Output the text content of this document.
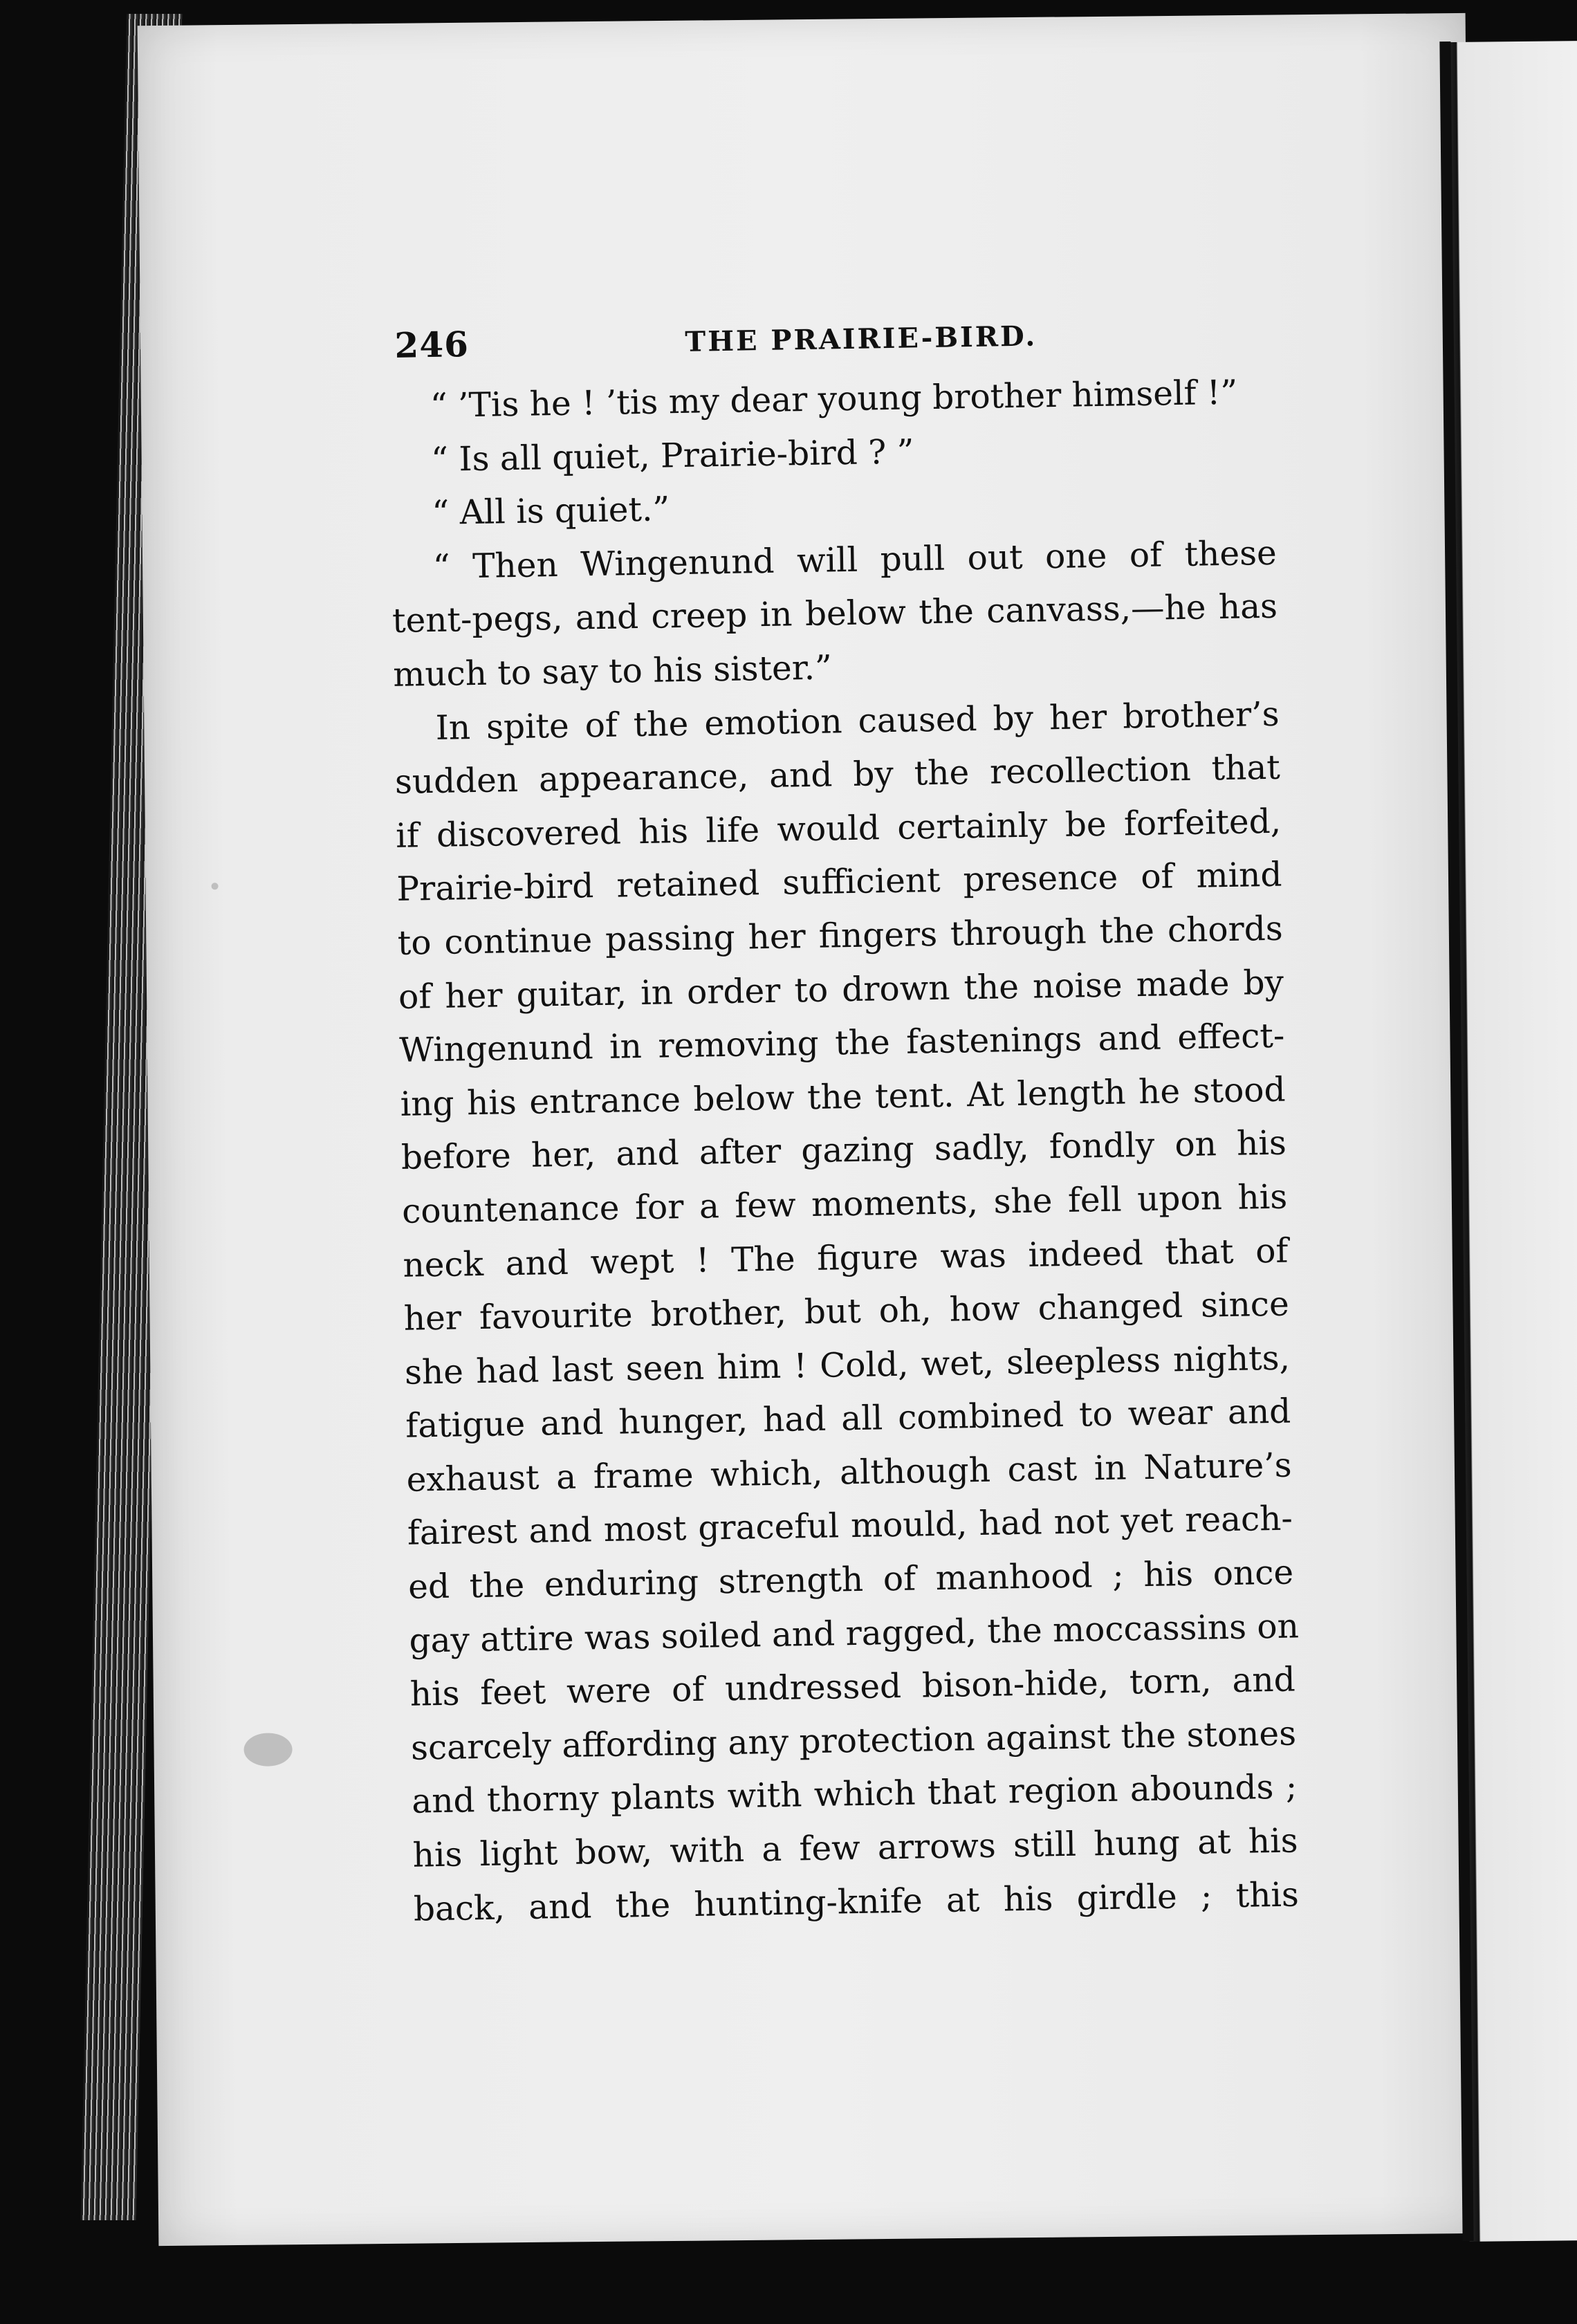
246	THE PRAIRIE-BIRD.
“ ’Tis he ! ’tis my dear young brother himself !”
“ Is all quiet, Prairie-bird ? ”
“ All is quiet.”
“ Then Wingenund will pull out one of these
tent-pegs, and creep in below the canvass,—he has
much to say to his sister.”
In spite of the emotion caused by her brother’s
sudden appearance, and by the recollection that
if discovered his life would certainly be forfeited,
Prairie-bird retained sufficient presence of mind
to continue passing her fingers through the chords
of her guitar, in order to drown the noise made by
Wingenund in removing the fastenings and effect-
ing his entrance below the tent. At length he stood
before her, and after gazing sadly, fondly on his
countenance for a few moments, she fell upon his
neck and wept ! The figure was indeed that of
her favourite brother, but oh, how changed since
she had last seen him ! Cold, wet, sleepless nights,
fatigue and hunger, had all combined to wear and
exhaust a frame which, although cast in Nature’s
fairest and most graceful mould, had not yet reach-
ed the enduring strength of manhood ; his once
gay attire was soiled and ragged, the moccassins on
his feet were of undressed bison-hide, torn, and
scarcely affording any protection against the stones
and thorny plants with which that region abounds ;
his light bow, with a few arrows still hung at his
back, and the hunting-knife at his girdle ; this
